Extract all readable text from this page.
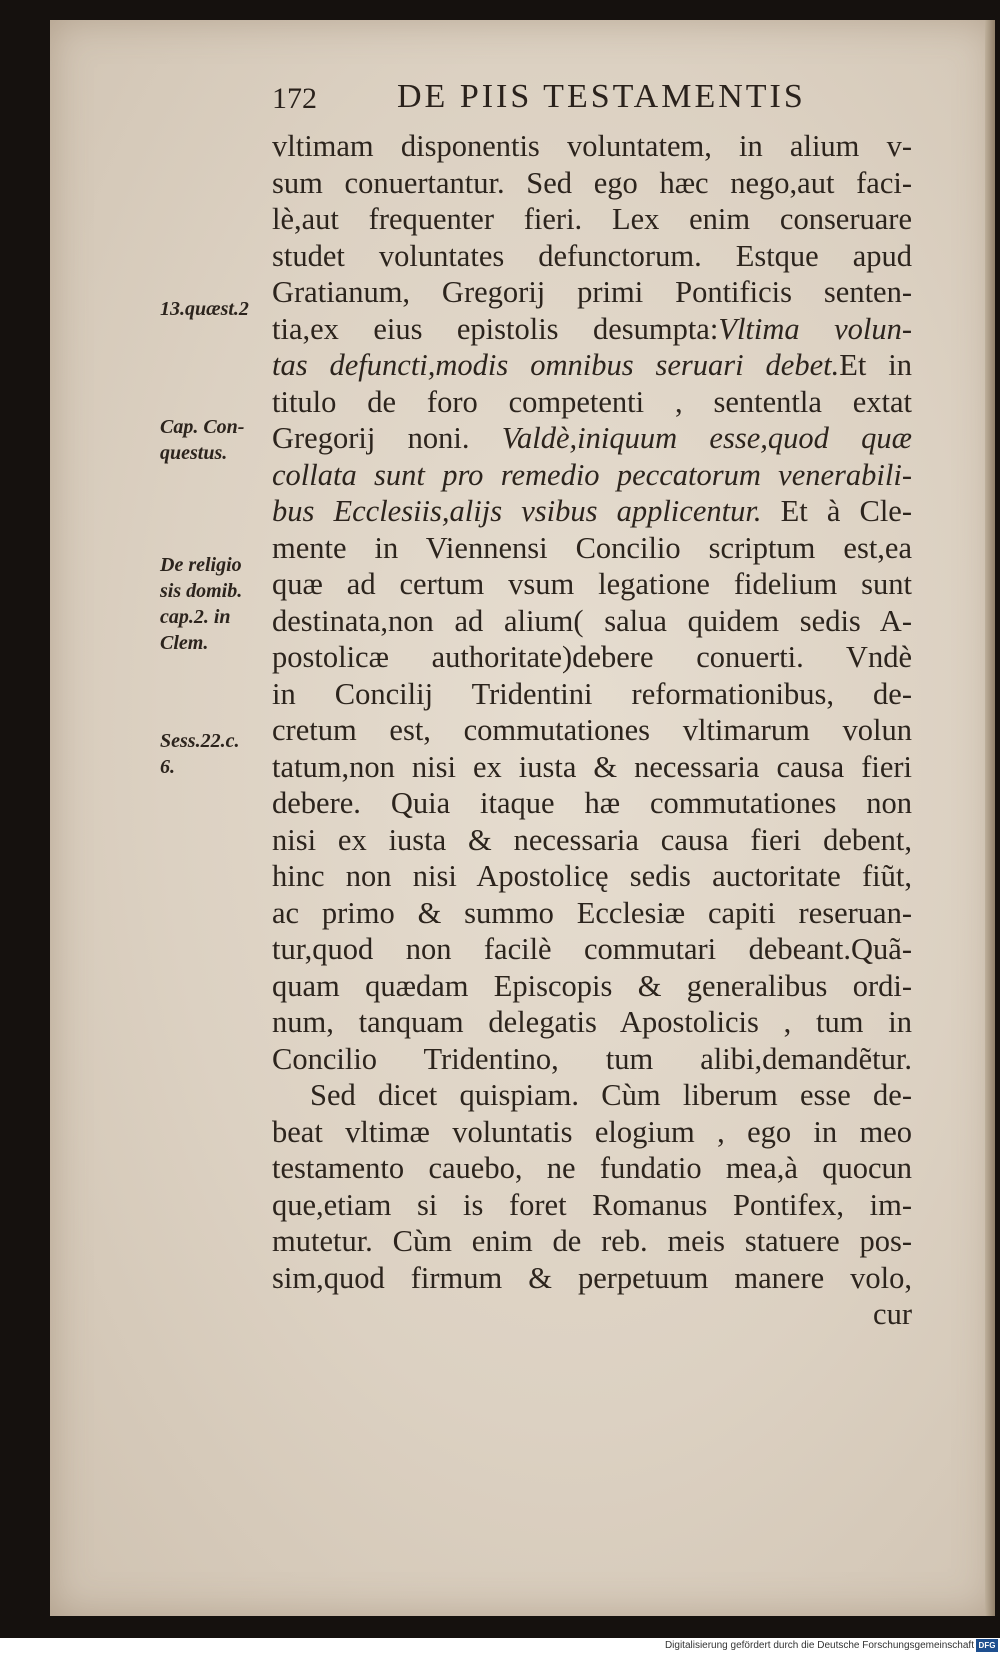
172 DE PIIS TESTAMENTIS
13.quæst.2
Cap. Con-
questus.
De religio
sis domib.
cap.2. in
Clem.
Sess.22.c.
6.
vltimam disponentis voluntatem, in alium v-
sum conuertantur. Sed ego hæc nego,aut faci-
lè,aut frequenter fieri. Lex enim conseruare
studet voluntates defunctorum. Estque apud
Gratianum, Gregorij primi Pontificis senten-
tia,ex eius epistolis desumpta:Vltima volun-
tas defuncti,modis omnibus seruari debet.Et in
titulo de foro competenti , sententla extat
Gregorij noni. Valdè,iniquum esse,quod quæ
collata sunt pro remedio peccatorum venerabili-
bus Ecclesiis,alijs vsibus applicentur. Et à Cle-
mente in Viennensi Concilio scriptum est,ea
quæ ad certum vsum legatione fidelium sunt
destinata,non ad alium( salua quidem sedis A-
postolicæ authoritate)debere conuerti. Vndè
in Concilij Tridentini reformationibus, de-
cretum est, commutationes vltimarum volun
tatum,non nisi ex iusta & necessaria causa fieri
debere. Quia itaque hæ commutationes non
nisi ex iusta & necessaria causa fieri debent,
hinc non nisi Apostolicę sedis auctoritate fiũt,
ac primo & summo Ecclesiæ capiti reseruan-
tur,quod non facilè commutari debeant.Quã-
quam quædam Episcopis & generalibus ordi-
num, tanquam delegatis Apostolicis , tum in
Concilio Tridentino, tum alibi,demandẽtur.
Sed dicet quispiam. Cùm liberum esse de-
beat vltimæ voluntatis elogium , ego in meo
testamento cauebo, ne fundatio mea,à quocun
que,etiam si is foret Romanus Pontifex, im-
mutetur. Cùm enim de reb. meis statuere pos-
sim,quod firmum & perpetuum manere volo,
cur
Digitalisierung gefördert durch die Deutsche Forschungsgemeinschaft DFG
